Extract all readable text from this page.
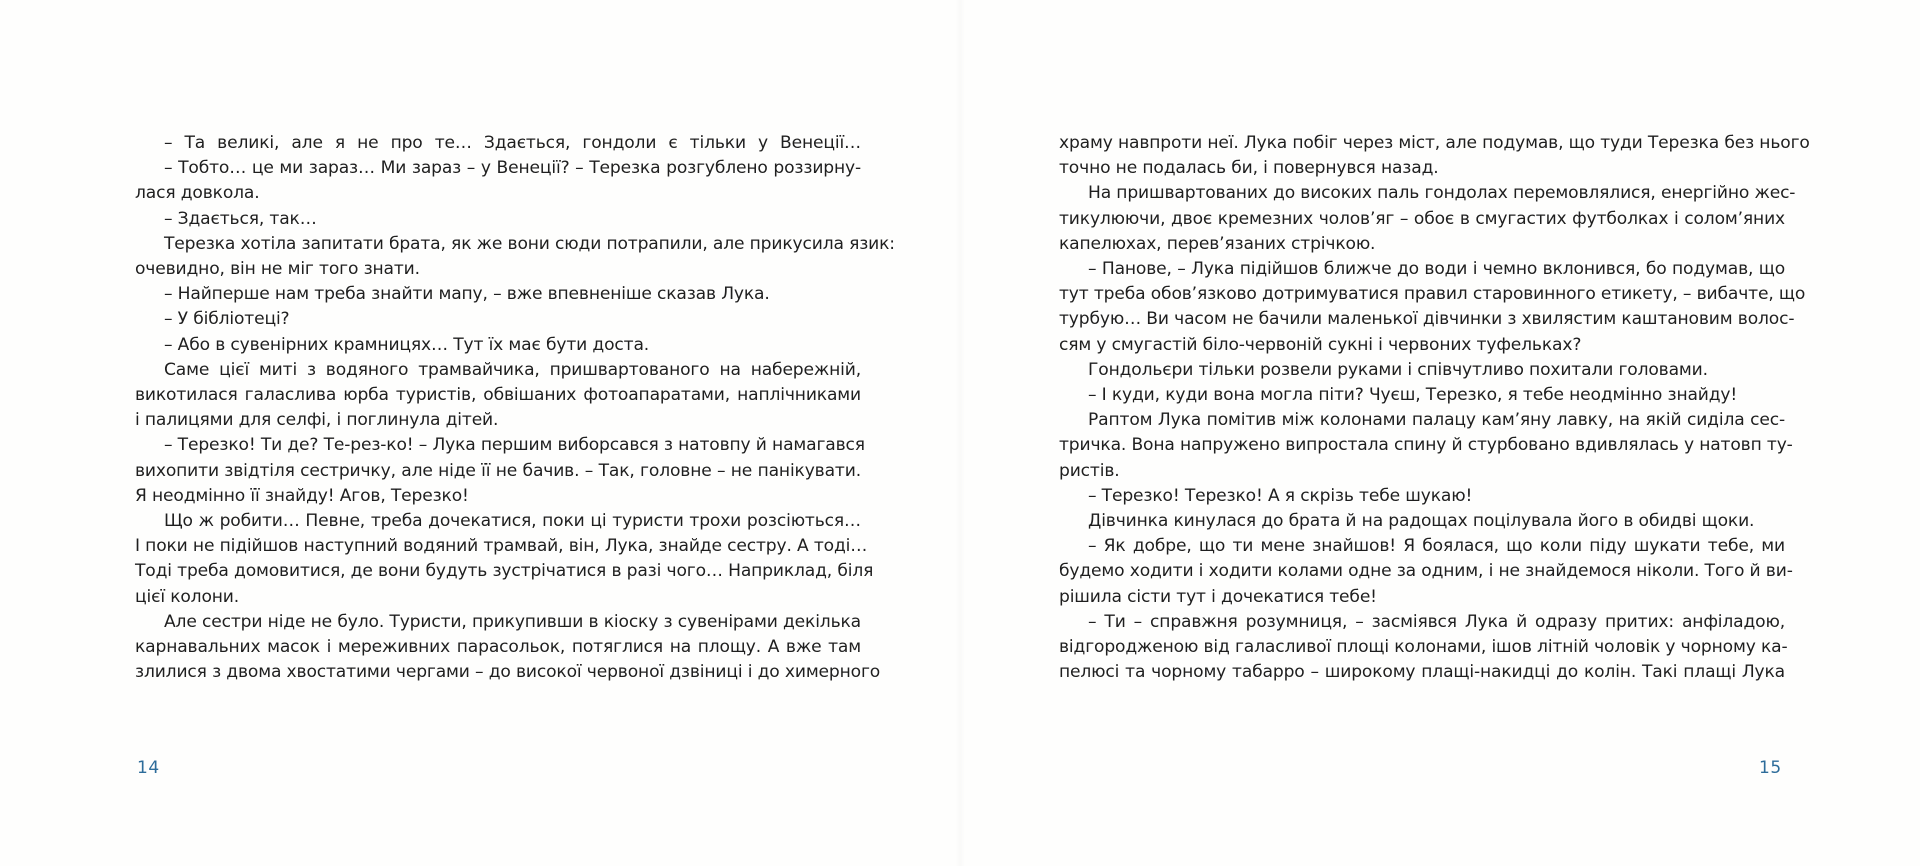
– Та великі, але я не про те… Здається, гондоли є тільки у Венеції…
– Тобто… це ми зараз… Ми зараз – у Венеції? – Терезка розгублено роззирну-
лася довкола.
– Здається, так…
Терезка хотіла запитати брата, як же вони сюди потрапили, але прикусила язик:
очевидно, він не міг того знати.
– Найперше нам треба знайти мапу, – вже впевненіше сказав Лука.
– У бібліотеці?
– Або в сувенірних крамницях… Тут їх має бути доста.
Саме цієї миті з водяного трамвайчика, пришвартованого на набережній,
викотилася галаслива юрба туристів, обвішаних фотоапаратами, наплічниками
і палицями для селфі, і поглинула дітей.
– Терезко! Ти де? Те-рез-ко! – Лука першим виборсався з натовпу й намагався
вихопити звідтіля сестричку, але ніде її не бачив. – Так, головне – не панікувати.
Я неодмінно її знайду! Агов, Терезко!
Що ж робити… Певне, треба дочекатися, поки ці туристи трохи розсіються…
І поки не підійшов наступний водяний трамвай, він, Лука, знайде сестру. А тоді…
Тоді треба домовитися, де вони будуть зустрічатися в разі чого… Наприклад, біля
цієї колони.
Але сестри ніде не було. Туристи, прикупивши в кіоску з сувенірами декілька
карнавальних масок і мереживних парасольок, потяглися на площу. А вже там
злилися з двома хвостатими чергами – до високої червоної дзвіниці і до химерного
14
храму навпроти неї. Лука побіг через міст, але подумав, що туди Терезка без нього
точно не подалась би, і повернувся назад.
На пришвартованих до високих паль гондолах перемовлялися, енергійно жес-
тикулюючи, двоє кремезних чолов’яг – обоє в смугастих футболках і солом’яних
капелюхах, перев’язаних стрічкою.
– Панове, – Лука підійшов ближче до води і чемно вклонився, бо подумав, що
тут треба обов’язково дотримуватися правил старовинного етикету, – вибачте, що
турбую… Ви часом не бачили маленької дівчинки з хвилястим каштановим волос-
сям у смугастій біло-червоній сукні і червоних туфельках?
Гондольєри тільки розвели руками і співчутливо похитали головами.
– І куди, куди вона могла піти? Чуєш, Терезко, я тебе неодмінно знайду!
Раптом Лука помітив між колонами палацу кам’яну лавку, на якій сиділа сес-
тричка. Вона напружено випростала спину й стурбовано вдивлялась у натовп ту-
ристів.
– Терезко! Терезко! А я скрізь тебе шукаю!
Дівчинка кинулася до брата й на радощах поцілувала його в обидві щоки.
– Як добре, що ти мене знайшов! Я боялася, що коли піду шукати тебе, ми
будемо ходити і ходити колами одне за одним, і не знайдемося ніколи. Того й ви-
рішила сісти тут і дочекатися тебе!
– Ти – справжня розумниця, – засміявся Лука й одразу притих: анфіладою,
відгородженою від галасливої площі колонами, ішов літній чоловік у чорному ка-
пелюсі та чорному табарро – широкому плащі-накидці до колін. Такі плащі Лука
15
